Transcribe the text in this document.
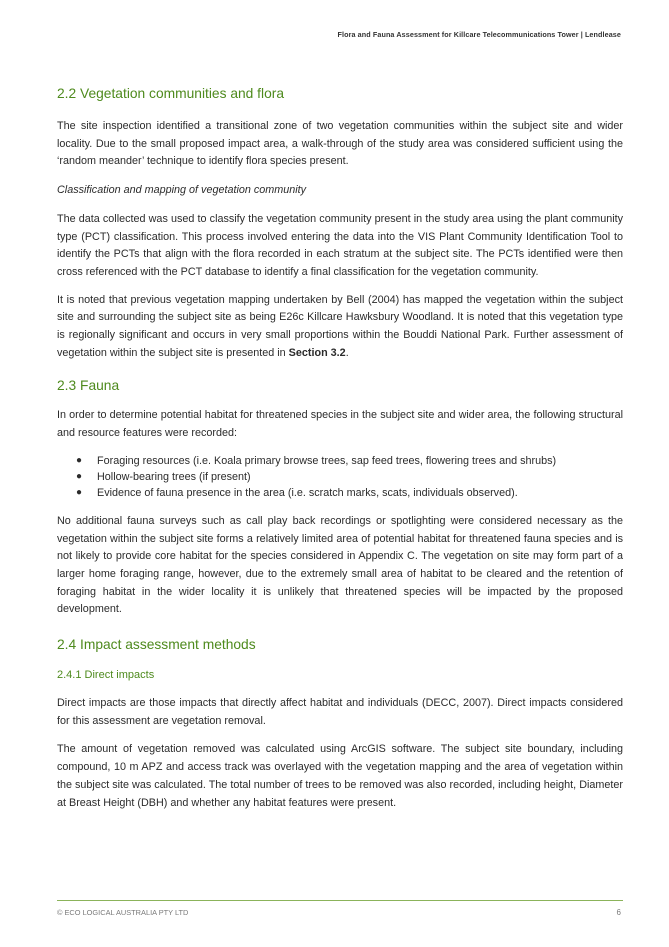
Flora and Fauna Assessment for Killcare Telecommunications Tower | Lendlease
2.2 Vegetation communities and flora

The site inspection identified a transitional zone of two vegetation communities within the subject site and wider locality. Due to the small proposed impact area, a walk-through of the study area was considered sufficient using the ‘random meander’ technique to identify flora species present.

Classification and mapping of vegetation community

The data collected was used to classify the vegetation community present in the study area using the plant community type (PCT) classification. This process involved entering the data into the VIS Plant Community Identification Tool to identify the PCTs that align with the flora recorded in each stratum at the subject site. The PCTs identified were then cross referenced with the PCT database to identify a final classification for the vegetation community.

It is noted that previous vegetation mapping undertaken by Bell (2004) has mapped the vegetation within the subject site and surrounding the subject site as being E26c Killcare Hawksbury Woodland. It is noted that this vegetation type is regionally significant and occurs in very small proportions within the Bouddi National Park. Further assessment of vegetation within the subject site is presented in Section 3.2.

2.3 Fauna

In order to determine potential habitat for threatened species in the subject site and wider area, the following structural and resource features were recorded:

● Foraging resources (i.e. Koala primary browse trees, sap feed trees, flowering trees and shrubs)
● Hollow-bearing trees (if present)
● Evidence of fauna presence in the area (i.e. scratch marks, scats, individuals observed).

No additional fauna surveys such as call play back recordings or spotlighting were considered necessary as the vegetation within the subject site forms a relatively limited area of potential habitat for threatened fauna species and is not likely to provide core habitat for the species considered in Appendix C. The vegetation on site may form part of a larger home foraging range, however, due to the extremely small area of habitat to be cleared and the retention of foraging habitat in the wider locality it is unlikely that threatened species will be impacted by the proposed development.

2.4 Impact assessment methods
2.4.1 Direct impacts

Direct impacts are those impacts that directly affect habitat and individuals (DECC, 2007). Direct impacts considered for this assessment are vegetation removal.

The amount of vegetation removed was calculated using ArcGIS software. The subject site boundary, including compound, 10 m APZ and access track was overlayed with the vegetation mapping and the area of vegetation within the subject site was calculated. The total number of trees to be removed was also recorded, including height, Diameter at Breast Height (DBH) and whether any habitat features were present.

© ECO LOGICAL AUSTRALIA PTY LTD	6
